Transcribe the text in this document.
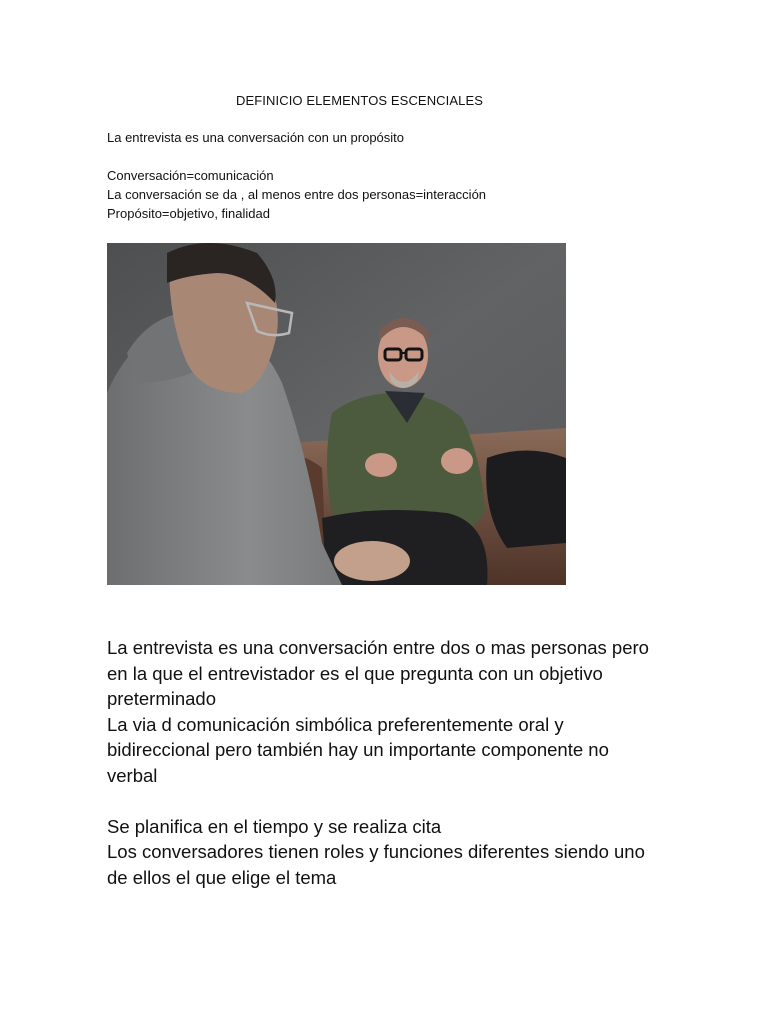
DEFINICIO ELEMENTOS ESCENCIALES
La entrevista es una conversación con un propósito
Conversación=comunicación
La conversación se da , al menos entre dos personas=interacción
Propósito=objetivo, finalidad
La entrevista es una conversación entre dos o mas personas pero
en la que el entrevistador es el que pregunta con un objetivo
preterminado
La via d comunicación simbólica preferentemente oral y
bidireccional pero también hay un importante componente no
verbal
Se planifica en el tiempo y se realiza cita
Los conversadores tienen roles y funciones diferentes siendo uno
de ellos el que elige el tema
